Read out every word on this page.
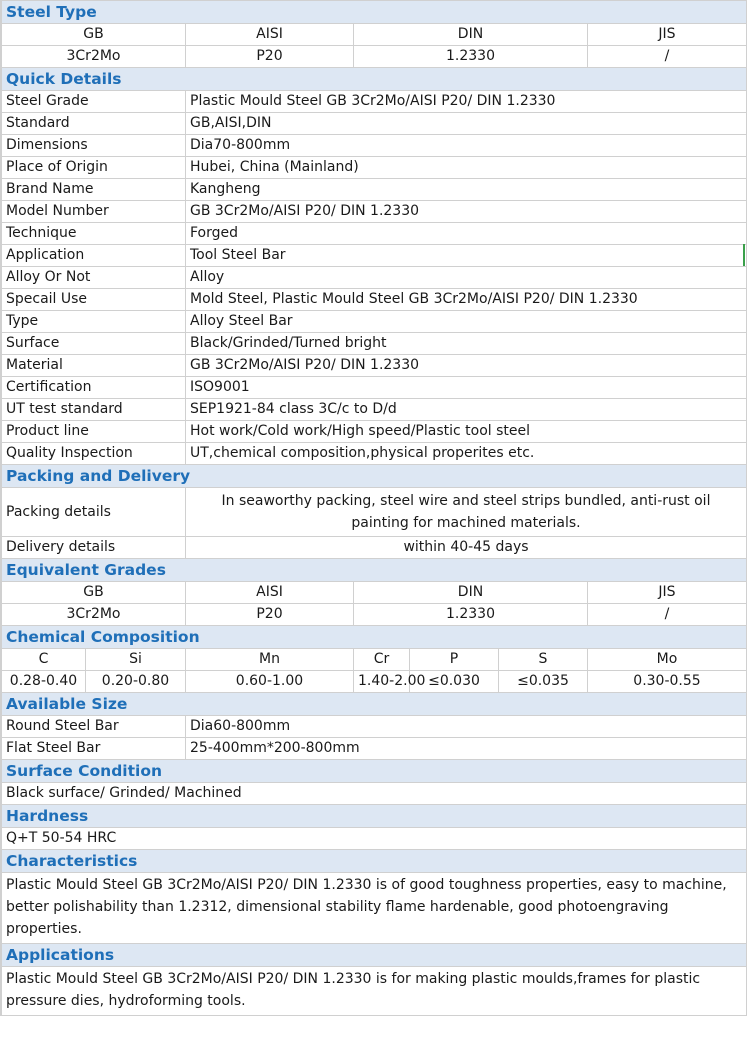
Steel Type						
GB		AISI	DIN			JIS
3Cr2Mo		P20	1.2330			/
Quick Details						
Steel Grade		Plastic Mould Steel GB 3Cr2Mo/AISI P20/ DIN 1.2330				
Standard		GB,AISI,DIN				
Dimensions		Dia70-800mm				
Place of Origin		Hubei, China (Mainland)				
Brand Name		Kangheng				
Model Number		GB 3Cr2Mo/AISI P20/ DIN 1.2330				
Technique		Forged				
Application		Tool Steel Bar				
Alloy Or Not		Alloy				
Specail Use		Mold Steel, Plastic Mould Steel GB 3Cr2Mo/AISI P20/ DIN 1.2330				
Type		Alloy Steel Bar				
Surface		Black/Grinded/Turned bright				
Material		GB 3Cr2Mo/AISI P20/ DIN 1.2330				
Certification		ISO9001				
UT test standard		SEP1921-84 class 3C/c to D/d				
Product line		Hot work/Cold work/High speed/Plastic tool steel				
Quality Inspection		UT,chemical composition,physical properites etc.				
Packing and Delivery						
Packing details		In seaworthy packing, steel wire and steel strips bundled, anti-rust oil painting for machined materials.				
Delivery details		within 40-45 days				
Equivalent Grades						
GB		AISI	DIN			JIS
3Cr2Mo		P20	1.2330			/
Chemical Composition						
C	Si	Mn	Cr	P	S	Mo
0.28-0.40	0.20-0.80	0.60-1.00	1.40-2.00	≤0.030	≤0.035	0.30-0.55
Available Size						
Round Steel Bar		Dia60-800mm				
Flat Steel Bar		25-400mm*200-800mm				
Surface Condition						
Black surface/ Grinded/ Machined						
Hardness						
Q+T 50-54 HRC						
Characteristics						
Plastic Mould Steel GB 3Cr2Mo/AISI P20/ DIN 1.2330 is of good toughness properties, easy to machine, better polishability than 1.2312, dimensional stability flame hardenable, good photoengraving properties.						
Applications						
Plastic Mould Steel GB 3Cr2Mo/AISI P20/ DIN 1.2330 is for making plastic moulds,frames for plastic pressure dies, hydroforming tools.						
